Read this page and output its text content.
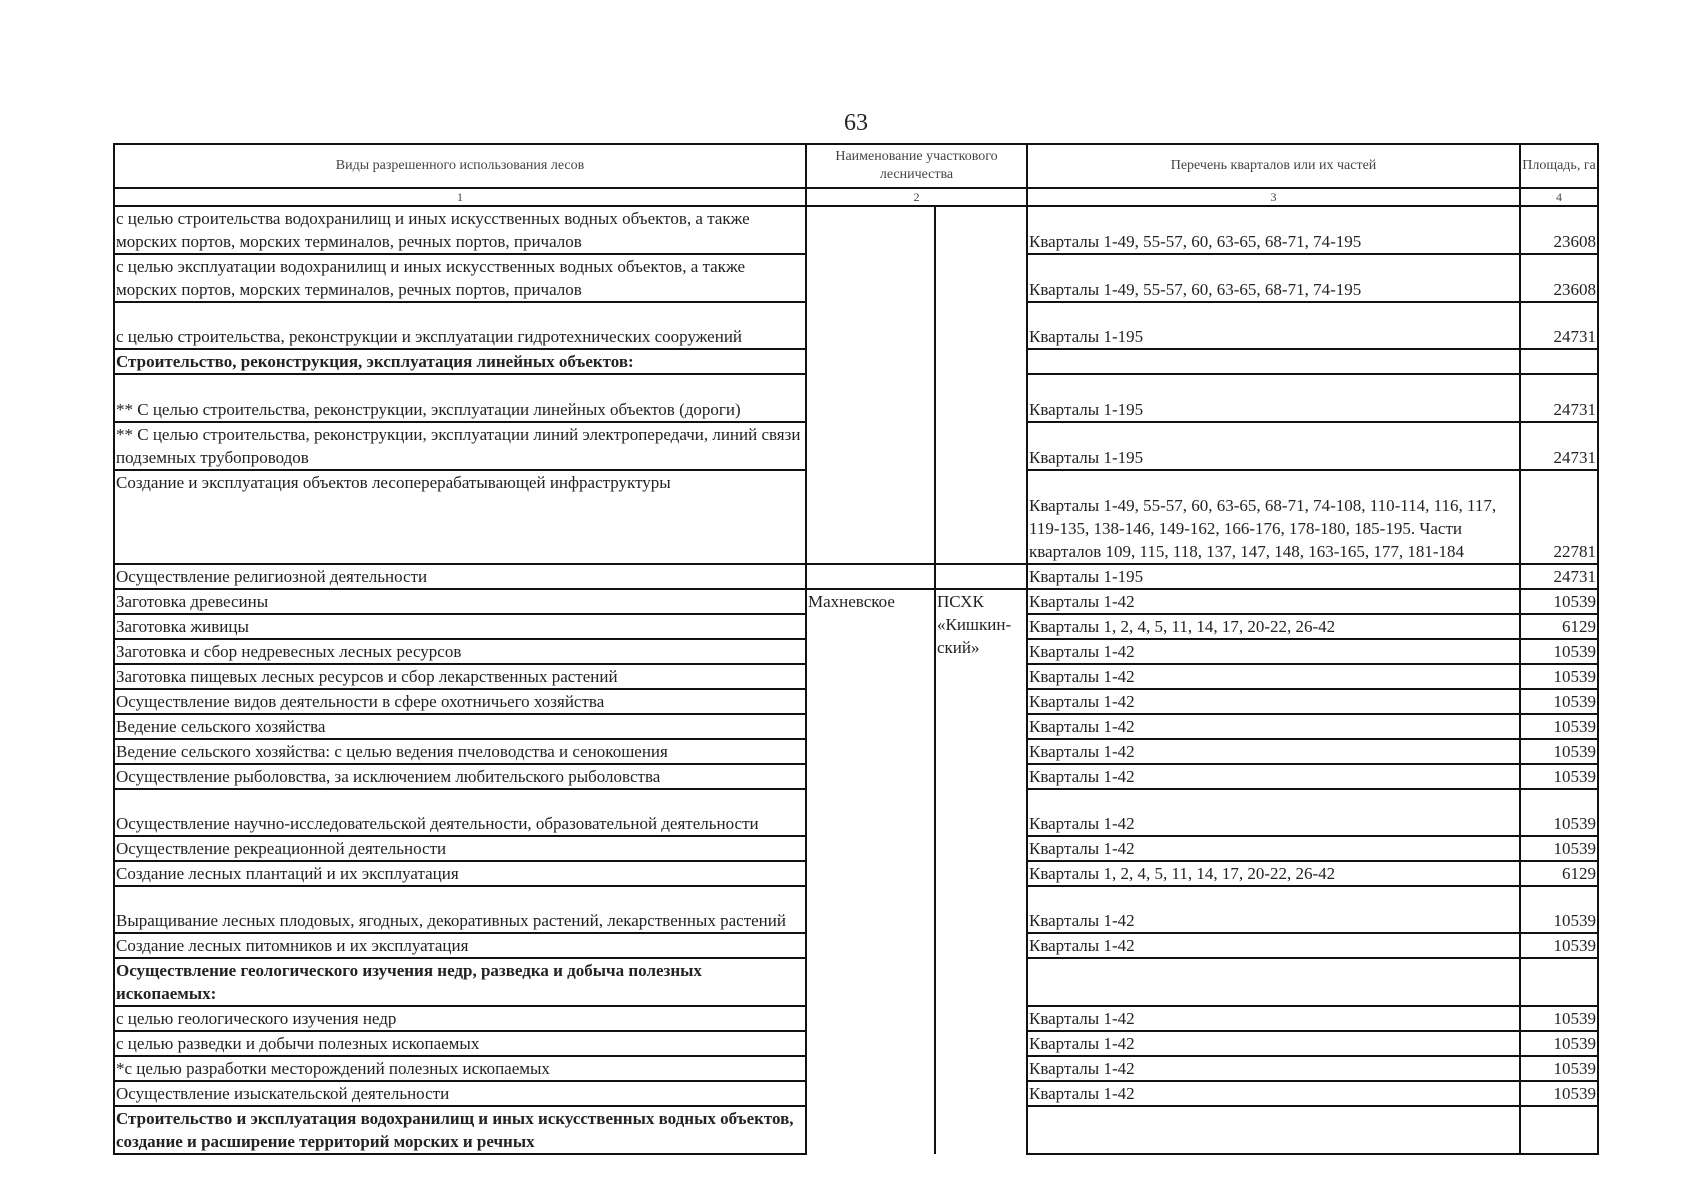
63
Виды разрешенного использования лесов	Наименование участкового лесничества		Перечень кварталов или их частей	Площадь, га
1	2		3	4
с целью строительства водохранилищ и иных искусственных водных объектов, а также морских портов, морских терминалов, речных портов, причалов			Кварталы 1-49, 55-57, 60, 63-65, 68-71, 74-195	23608
с целью эксплуатации водохранилищ и иных искусственных водных объектов, а также морских портов, морских терминалов, речных портов, причалов			Кварталы 1-49, 55-57, 60, 63-65, 68-71, 74-195	23608
с целью строительства, реконструкции и эксплуатации гидротехнических сооружений			Кварталы 1-195	24731
Строительство, реконструкция, эксплуатация линейных объектов:				
** С целью строительства, реконструкции, эксплуатации линейных объектов (дороги)			Кварталы 1-195	24731
** С целью строительства, реконструкции, эксплуатации линий электропередачи, линий связи подземных трубопроводов			Кварталы 1-195	24731
Создание и эксплуатация объектов лесоперерабатывающей инфраструктуры			Кварталы 1-49, 55-57, 60, 63-65, 68-71, 74-108, 110-114, 116, 117, 119-135, 138-146, 149-162, 166-176, 178-180, 185-195. Части кварталов 109, 115, 118, 137, 147, 148, 163-165, 177, 181-184	22781
Осуществление религиозной деятельности			Кварталы 1-195	24731
Заготовка древесины	Махневское	ПСХК «Кишкин-ский»	Кварталы 1-42	10539
Заготовка живицы			Кварталы 1, 2, 4, 5, 11, 14, 17, 20-22, 26-42	6129
Заготовка и сбор недревесных лесных ресурсов			Кварталы 1-42	10539
Заготовка пищевых лесных ресурсов и сбор лекарственных растений			Кварталы 1-42	10539
Осуществление видов деятельности в сфере охотничьего хозяйства			Кварталы 1-42	10539
Ведение сельского хозяйства			Кварталы 1-42	10539
Ведение сельского хозяйства: с целью ведения пчеловодства и сенокошения			Кварталы 1-42	10539
Осуществление рыболовства, за исключением любительского рыболовства			Кварталы 1-42	10539
Осуществление научно-исследовательской деятельности, образовательной деятельности			Кварталы 1-42	10539
Осуществление рекреационной деятельности			Кварталы 1-42	10539
Создание лесных плантаций и их эксплуатация			Кварталы 1, 2, 4, 5, 11, 14, 17, 20-22, 26-42	6129
Выращивание лесных плодовых, ягодных, декоративных растений, лекарственных растений			Кварталы 1-42	10539
Создание лесных питомников и их эксплуатация			Кварталы 1-42	10539
Осуществление геологического изучения недр, разведка и добыча полезных ископаемых:				
с целью геологического изучения недр			Кварталы 1-42	10539
с целью разведки и добычи полезных ископаемых			Кварталы 1-42	10539
*с целью разработки месторождений полезных ископаемых			Кварталы 1-42	10539
Осуществление изыскательской деятельности			Кварталы 1-42	10539
Строительство и эксплуатация водохранилищ и иных искусственных водных объектов, создание и расширение территорий морских и речных				
